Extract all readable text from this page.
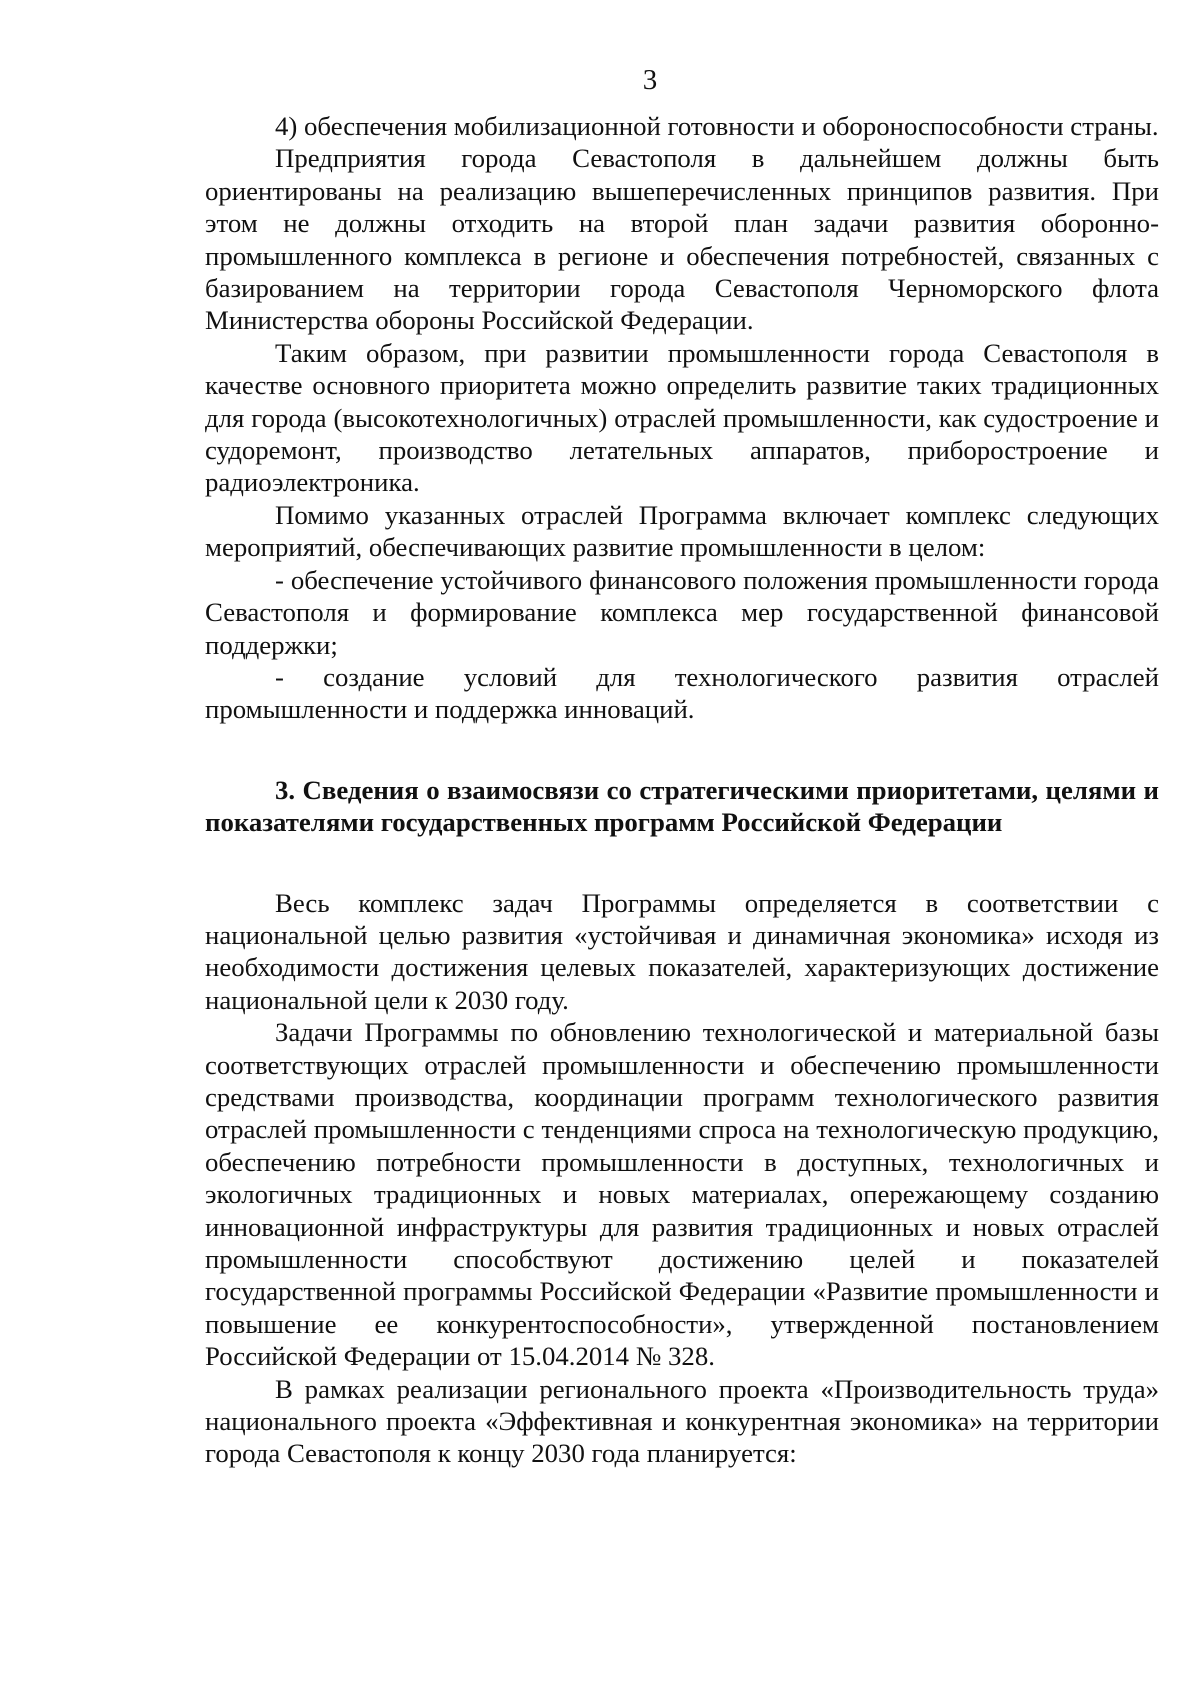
3

4) обеспечения мобилизационной готовности и обороноспособности страны.

Предприятия города Севастополя в дальнейшем должны быть ориентированы на реализацию вышеперечисленных принципов развития. При этом не должны отходить на второй план задачи развития оборонно-промышленного комплекса в регионе и обеспечения потребностей, связанных с базированием на территории города Севастополя Черноморского флота Министерства обороны Российской Федерации.

Таким образом, при развитии промышленности города Севастополя в качестве основного приоритета можно определить развитие таких традиционных для города (высокотехнологичных) отраслей промышленности, как судостроение и судоремонт, производство летательных аппаратов, приборостроение и радиоэлектроника.

Помимо указанных отраслей Программа включает комплекс следующих мероприятий, обеспечивающих развитие промышленности в целом:

- обеспечение устойчивого финансового положения промышленности города Севастополя и формирование комплекса мер государственной финансовой поддержки;

- создание условий для технологического развития отраслей промышленности и поддержка инноваций.

3. Сведения о взаимосвязи со стратегическими приоритетами, целями и показателями государственных программ Российской Федерации

Весь комплекс задач Программы определяется в соответствии с национальной целью развития «устойчивая и динамичная экономика» исходя из необходимости достижения целевых показателей, характеризующих достижение национальной цели к 2030 году.

Задачи Программы по обновлению технологической и материальной базы соответствующих отраслей промышленности и обеспечению промышленности средствами производства, координации программ технологического развития отраслей промышленности с тенденциями спроса на технологическую продукцию, обеспечению потребности промышленности в доступных, технологичных и экологичных традиционных и новых материалах, опережающему созданию инновационной инфраструктуры для развития традиционных и новых отраслей промышленности способствуют достижению целей и показателей государственной программы Российской Федерации «Развитие промышленности и повышение ее конкурентоспособности», утвержденной постановлением Российской Федерации от 15.04.2014 № 328.

В рамках реализации регионального проекта «Производительность труда» национального проекта «Эффективная и конкурентная экономика» на территории города Севастополя к концу 2030 года планируется:
